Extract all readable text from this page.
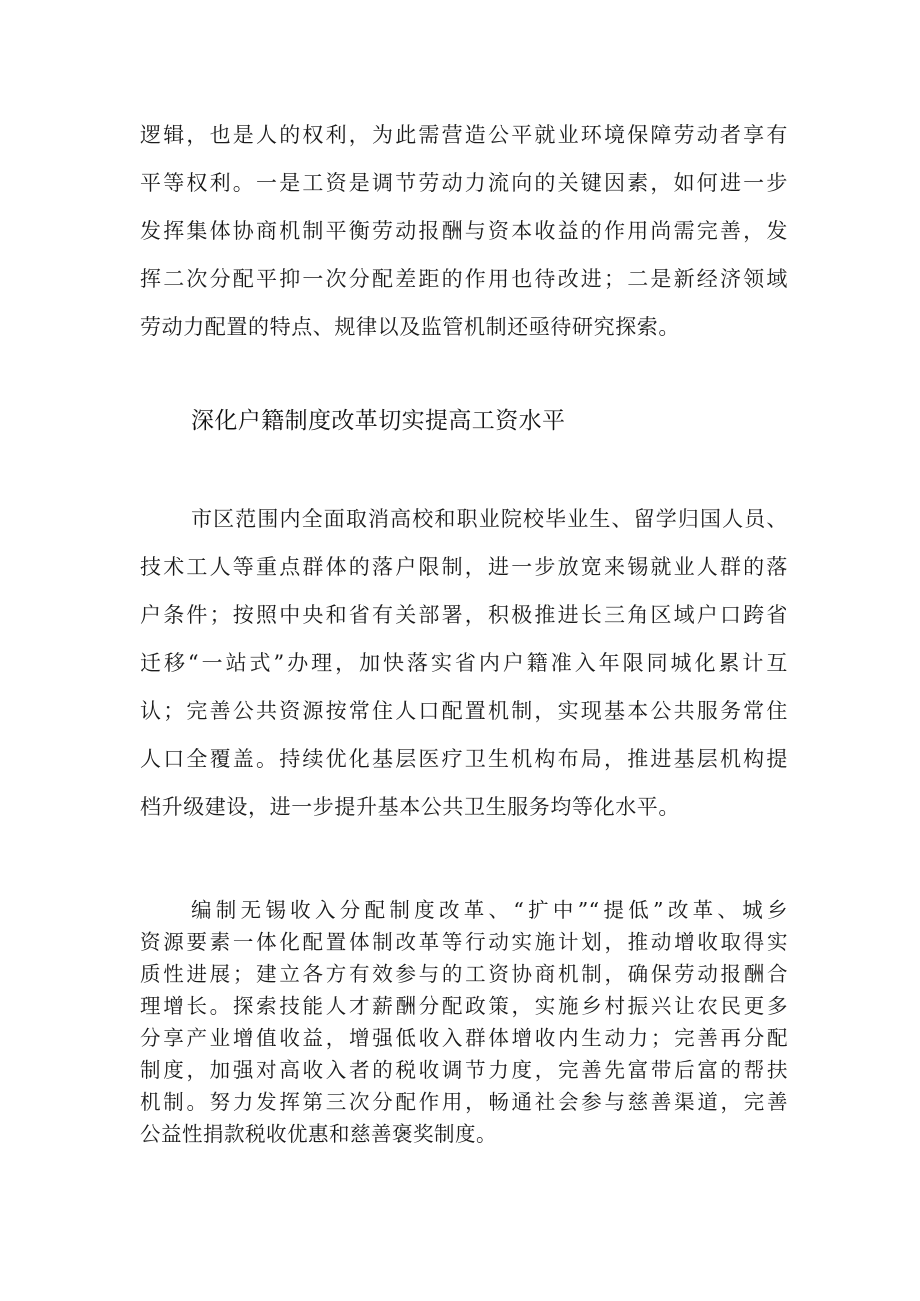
逻辑，也是人的权利，为此需营造公平就业环境保障劳动者享有
平等权利。一是工资是调节劳动力流向的关键因素，如何进一步
发挥集体协商机制平衡劳动报酬与资本收益的作用尚需完善，发
挥二次分配平抑一次分配差距的作用也待改进；二是新经济领域
劳动力配置的特点、规律以及监管机制还亟待研究探索。
深化户籍制度改革切实提高工资水平
市区范围内全面取消高校和职业院校毕业生、留学归国人员、
技术工人等重点群体的落户限制，进一步放宽来锡就业人群的落
户条件；按照中央和省有关部署，积极推进长三角区域户口跨省
迁移“一站式”办理，加快落实省内户籍准入年限同城化累计互
认；完善公共资源按常住人口配置机制，实现基本公共服务常住
人口全覆盖。持续优化基层医疗卫生机构布局，推进基层机构提
档升级建设，进一步提升基本公共卫生服务均等化水平。
编制无锡收入分配制度改革、“扩中”“提低”改革、城乡
资源要素一体化配置体制改革等行动实施计划，推动增收取得实
质性进展；建立各方有效参与的工资协商机制，确保劳动报酬合
理增长。探索技能人才薪酬分配政策，实施乡村振兴让农民更多
分享产业增值收益，增强低收入群体增收内生动力；完善再分配
制度，加强对高收入者的税收调节力度，完善先富带后富的帮扶
机制。努力发挥第三次分配作用，畅通社会参与慈善渠道，完善
公益性捐款税收优惠和慈善褒奖制度。
